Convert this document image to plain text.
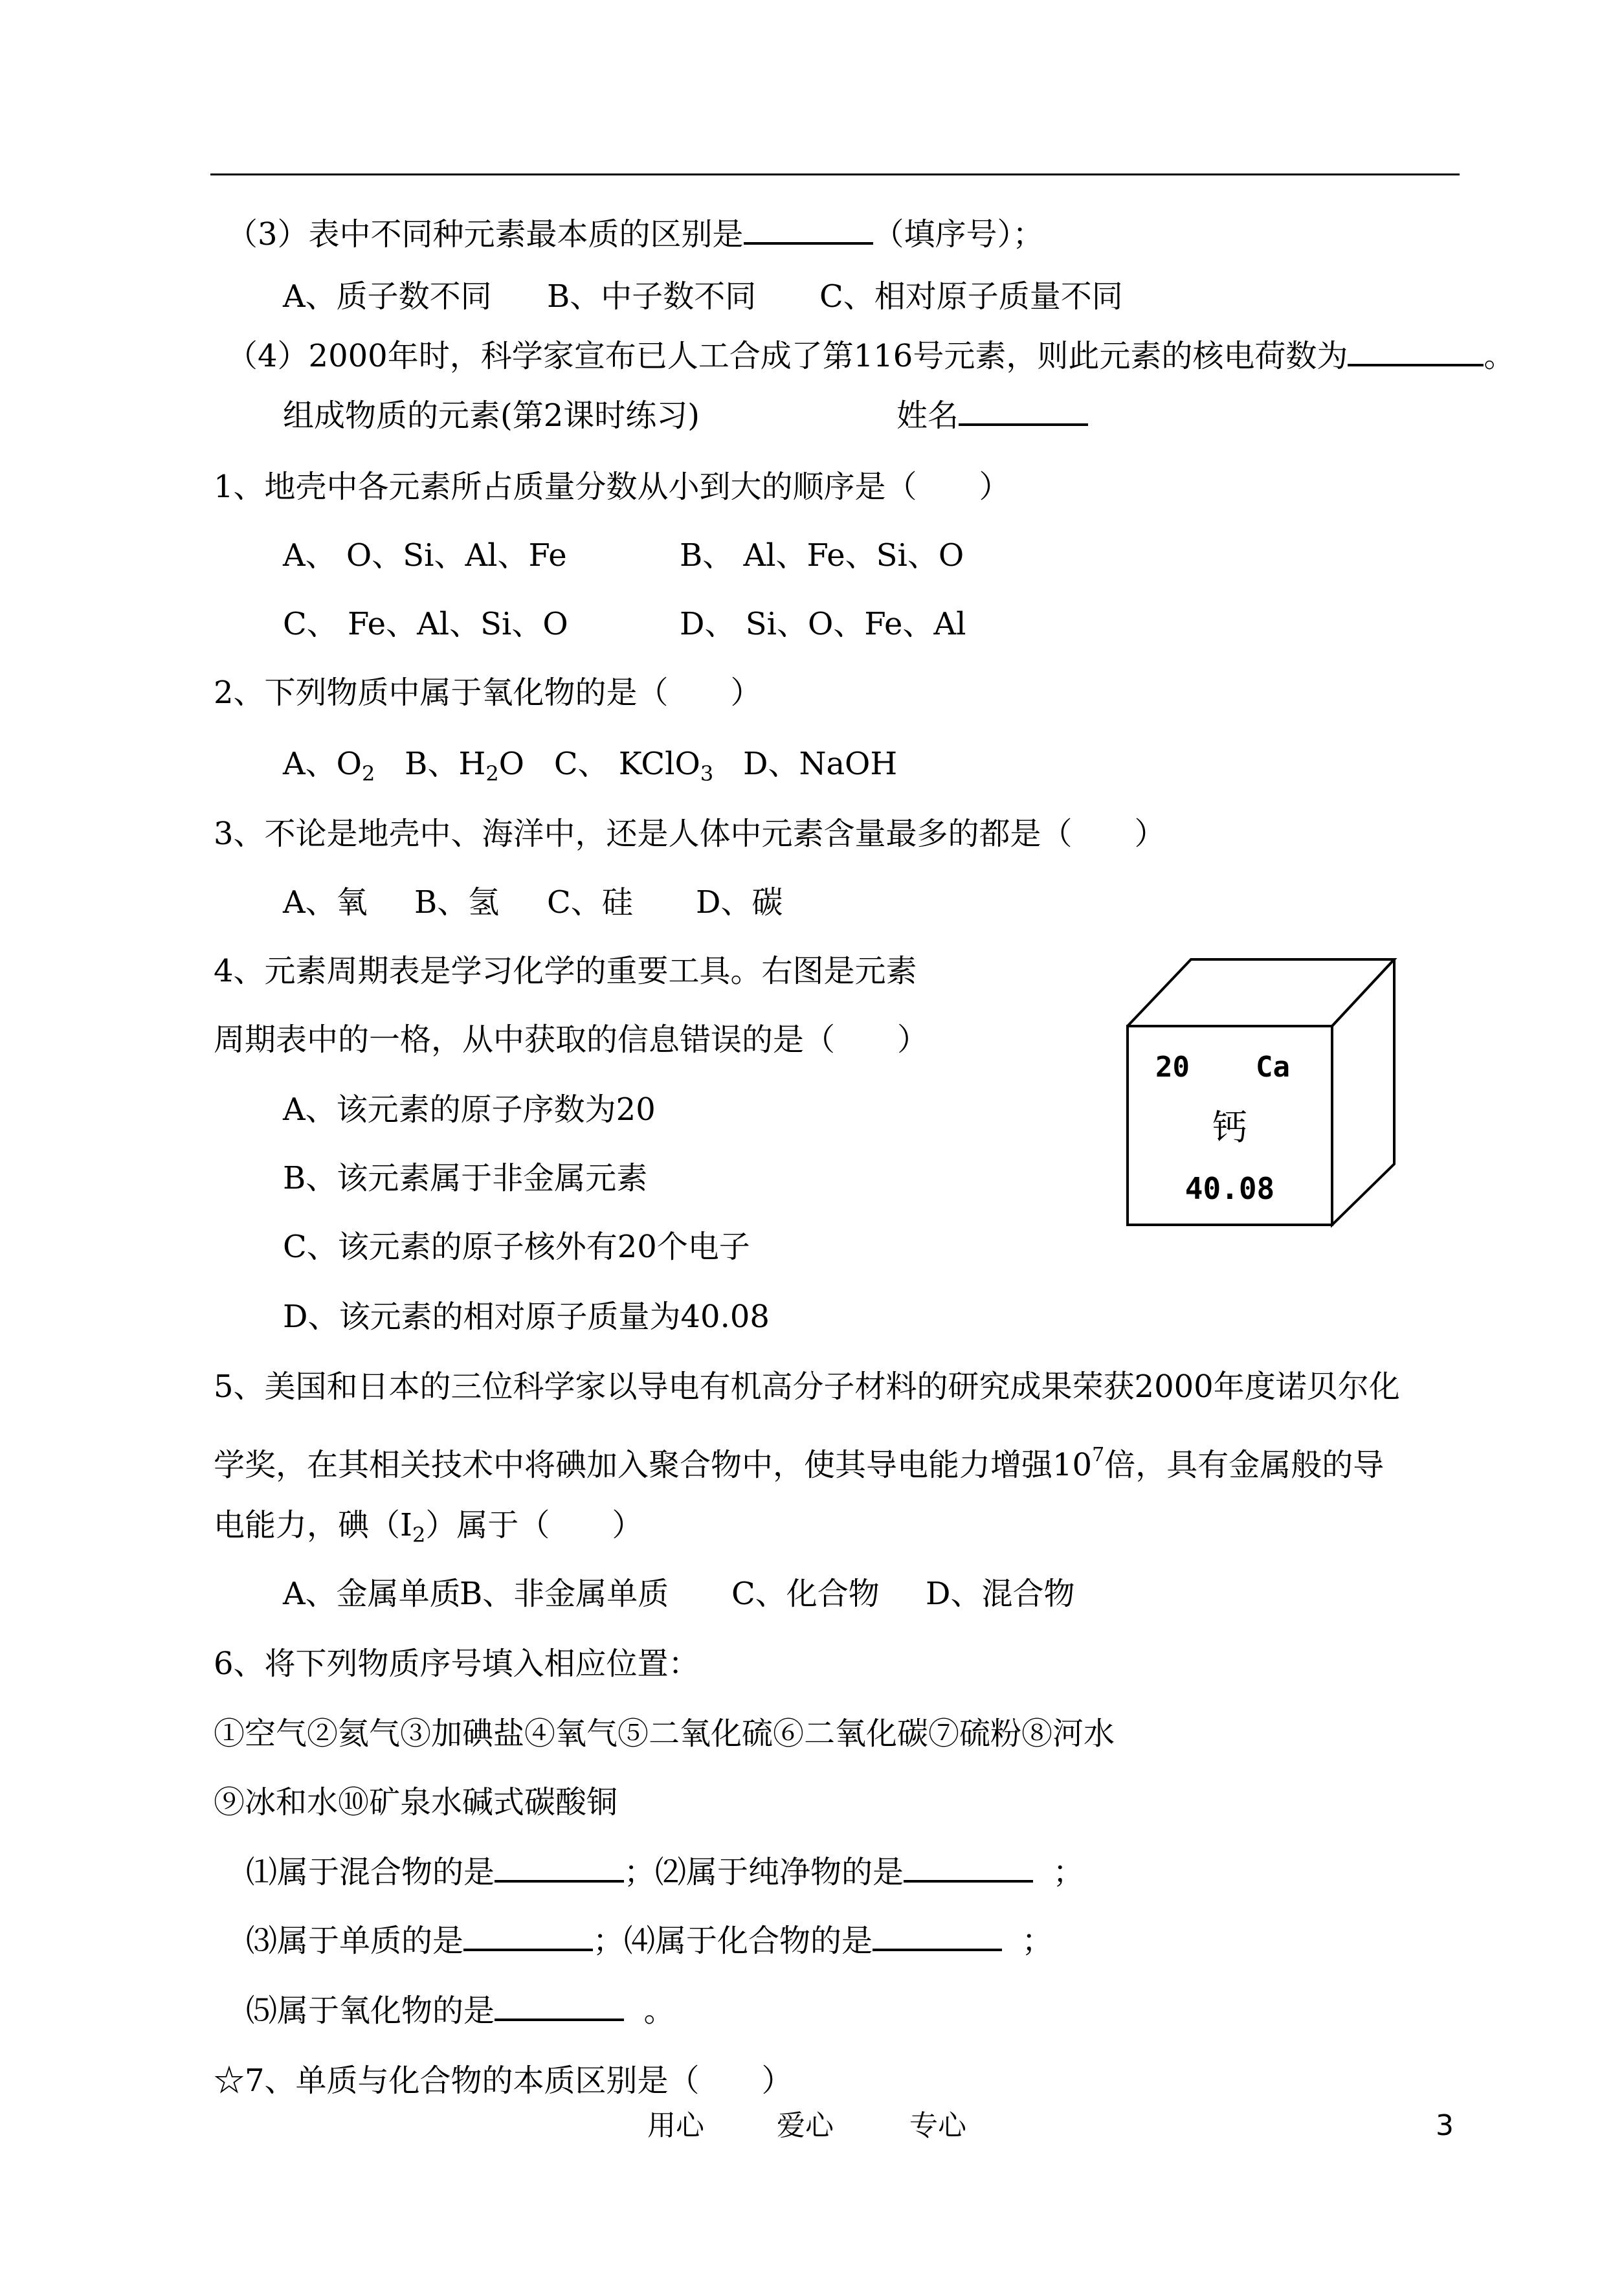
（3）表中不同种元素最本质的区别是	（填序号）；
A、质子数不同 B、中子数不同 C、相对原子质量不同
（4）2000年时，科学家宣布已人工合成了第116号元素，则此元素的核电荷数为	。
组成物质的元素(第2课时练习)	姓名
1、地壳中各元素所占质量分数从小到大的顺序是（　　）
A、 O、Si、Al、Fe	B、 Al、Fe、Si、O
C、 Fe、Al、Si、O	D、 Si、O、Fe、Al
2、下列物质中属于氧化物的是（　　）
A、$O_2$ B、$H_2O$ C、 KClO$_3$ D、NaOH
3、不论是地壳中、海洋中，还是人体中元素含量最多的都是（　　）
A、氧 B、氢 C、硅 D、碳
4、元素周期表是学习化学的重要工具。右图是元素
周期表中的一格，从中获取的信息错误的是（　　）
A、该元素的原子序数为20
B、该元素属于非金属元素
C、该元素的原子核外有20个电子
D、该元素的相对原子质量为40.08
20 Ca
钙
40.08
5、美国和日本的三位科学家以导电有机高分子材料的研究成果荣获2000年度诺贝尔化
学奖，在其相关技术中将碘加入聚合物中，使其导电能力增强$10^7$倍，具有金属般的导
电能力，碘$(I_2)$属于（　　）
A、金属单质
B、非金属单质 C、化合物 D、混合物
6、将下列物质序号填入相应位置：
①空气②氦气③加碘盐④氧气⑤二氧化硫⑥二氧化碳⑦硫粉⑧河水
⑨冰和水⑩矿泉水碱式碳酸铜
⑴属于混合物的是	；⑵属于纯净物的是	；
⑶属于单质的是	；⑷属于化合物的是	；
⑸属于氧化物的是	。
☆7、单质与化合物的本质区别是（　　）
用心	爱心	专心	3
